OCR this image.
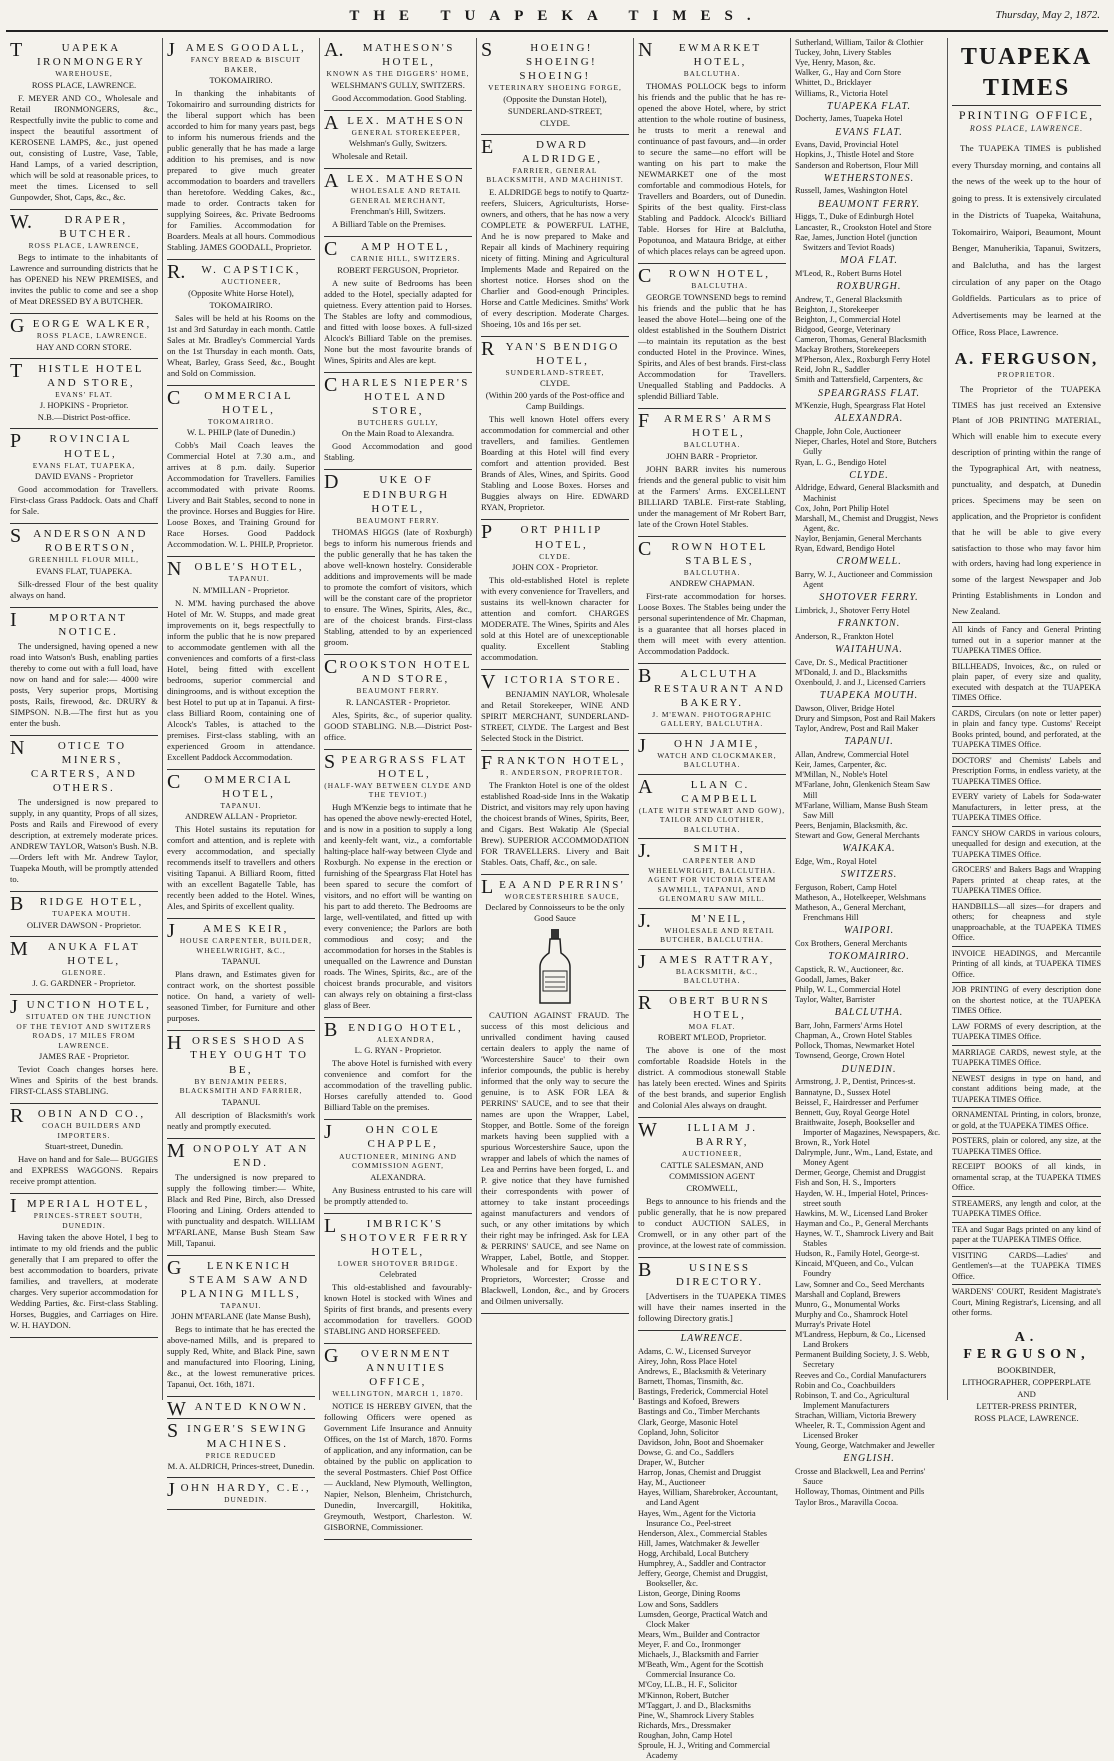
THE TUAPEKA TIMES.	Thursday, May 2, 1872.
TUAPEKA IRONMONGERY
WAREHOUSE,
ROSS PLACE, LAWRENCE.
F. MEYER AND CO., Wholesale and Retail IRONMONGERS, &c., Respectfully invite the public to come and inspect the beautiful assortment of KEROSENE LAMPS, &c., just opened out, consisting of Lustre, Vase, Table, Hand Lamps, of a varied description, which will be sold at reasonable prices, to meet the times. Licensed to sell Gunpowder, Shot, Caps, &c., &c.
W.DRAPER, BUTCHER.
ROSS PLACE, LAWRENCE,
Begs to intimate to the inhabitants of Lawrence and surrounding districts that he has OPENED his NEW PREMISES, and invites the public to come and see a shop of Meat DRESSED BY A BUTCHER.
GEORGE WALKER,
ROSS PLACE, LAWRENCE.
HAY AND CORN STORE.
THISTLE HOTEL AND STORE,
EVANS' FLAT.
J. HOPKINS - Proprietor.
N.B.—District Post-office.
PROVINCIAL HOTEL,
EVANS FLAT, TUAPEKA,
DAVID EVANS - Proprietor
Good accommodation for Travellers. First-class Grass Paddock. Oats and Chaff for Sale.
SANDERSON AND ROBERTSON,
GREENHILL FLOUR MILL,
EVANS FLAT, TUAPEKA.
Silk-dressed Flour of the best quality always on hand.
IMPORTANT NOTICE.
The undersigned, having opened a new road into Watson's Bush, enabling parties thereby to come out with a full load, have now on hand and for sale:— 4000 wire posts, Very superior props, Mortising posts, Rails, firewood, &c. DRURY & SIMPSON. N.B.—The first hut as you enter the bush.
NOTICE TO MINERS, CARTERS, AND OTHERS.
The undersigned is now prepared to supply, in any quantity, Props of all sizes, Posts and Rails and Firewood of every description, at extremely moderate prices. ANDREW TAYLOR, Watson's Bush. N.B.—Orders left with Mr. Andrew Taylor, Tuapeka Mouth, will be promptly attended to.
BRIDGE HOTEL,
TUAPEKA MOUTH.
OLIVER DAWSON - Proprietor.
MANUKA FLAT HOTEL,
GLENORE.
J. G. GARDNER - Proprietor.
JUNCTION HOTEL,
SITUATED ON THE JUNCTION OF THE TEVIOT AND SWITZERS ROADS, 17 MILES FROM LAWRENCE.
JAMES RAE - Proprietor.
Teviot Coach changes horses here. Wines and Spirits of the best brands. FIRST-CLASS STABLING.
ROBIN AND CO.,
COACH BUILDERS AND IMPORTERS.
Stuart-street, Dunedin.
Have on hand and for Sale— BUGGIES and EXPRESS WAGGONS. Repairs receive prompt attention.
IMPERIAL HOTEL,
PRINCES-STREET SOUTH, DUNEDIN.
Having taken the above Hotel, I beg to intimate to my old friends and the public generally that I am prepared to offer the best accommodation to boarders, private families, and travellers, at moderate charges. Very superior accommodation for Wedding Parties, &c. First-class Stabling. Horses, Buggies, and Carriages on Hire. W. H. HAYDON.
JAMES GOODALL,
FANCY BREAD & BISCUIT BAKER,
TOKOMAIRIRO.
In thanking the inhabitants of Tokomairiro and surrounding districts for the liberal support which has been accorded to him for many years past, begs to inform his numerous friends and the public generally that he has made a large addition to his premises, and is now prepared to give much greater accommodation to boarders and travellers than heretofore. Wedding Cakes, &c., made to order. Contracts taken for supplying Soirees, &c. Private Bedrooms for Families. Accommodation for Boarders. Meals at all hours. Commodious Stabling. JAMES GOODALL, Proprietor.
R.W. CAPSTICK,
AUCTIONEER,
(Opposite White Horse Hotel),
TOKOMAIRIRO.
Sales will be held at his Rooms on the 1st and 3rd Saturday in each month. Cattle Sales at Mr. Bradley's Commercial Yards on the 1st Thursday in each month. Oats, Wheat, Barley, Grass Seed, &c., Bought and Sold on Commission.
COMMERCIAL HOTEL,
TOKOMAIRIRO.
W. L. PHILP (late of Dunedin.)
Cobb's Mail Coach leaves the Commercial Hotel at 7.30 a.m., and arrives at 8 p.m. daily. Superior Accommodation for Travellers. Families accommodated with private Rooms. Livery and Bait Stables, second to none in the province. Horses and Buggies for Hire. Loose Boxes, and Training Ground for Race Horses. Good Paddock Accommodation. W. L. PHILP, Proprietor.
NOBLE'S HOTEL,
TAPANUI.
N. M'MILLAN - Proprietor.
N. M'M. having purchased the above Hotel of Mr. W. Stupps, and made great improvements on it, begs respectfully to inform the public that he is now prepared to accommodate gentlemen with all the conveniences and comforts of a first-class Hotel, being fitted with excellent bedrooms, superior commercial and diningrooms, and is without exception the best Hotel to put up at in Tapanui. A first-class Billiard Room, containing one of Alcock's Tables, is attached to the premises. First-class stabling, with an experienced Groom in attendance. Excellent Paddock Accommodation.
COMMERCIAL HOTEL,
TAPANUI.
ANDREW ALLAN - Proprietor.
This Hotel sustains its reputation for comfort and attention, and is replete with every accommodation, and specially recommends itself to travellers and others visiting Tapanui. A Billiard Room, fitted with an excellent Bagatelle Table, has recently been added to the Hotel. Wines, Ales, and Spirits of excellent quality.
JAMES KEIR,
HOUSE CARPENTER, BUILDER, WHEELWRIGHT, &C.,
TAPANUI.
Plans drawn, and Estimates given for contract work, on the shortest possible notice. On hand, a variety of well-seasoned Timber, for Furniture and other purposes.
HORSES SHOD AS THEY OUGHT TO BE,
BY BENJAMIN PEERS, BLACKSMITH AND FARRIER,
TAPANUI.
All description of Blacksmith's work neatly and promptly executed.
MONOPOLY AT AN END.
The undersigned is now prepared to supply the following timber:— White, Black and Red Pine, Birch, also Dressed Flooring and Lining. Orders attended to with punctuality and despatch. WILLIAM M'FARLANE, Manse Bush Steam Saw Mill, Tapanui.
GLENKENICH STEAM SAW AND PLANING MILLS,
TAPANUI.
JOHN M'FARLANE (late Manse Bush),
Begs to intimate that he has erected the above-named Mills, and is prepared to supply Red, White, and Black Pine, sawn and manufactured into Flooring, Lining, &c., at the lowest remunerative prices. Tapanui, Oct. 16th, 1871.
WANTED KNOWN.
SINGER'S SEWING MACHINES.
PRICE REDUCED
M. A. ALDRICH, Princes-street, Dunedin.
JOHN HARDY, C.E.,
DUNEDIN.
A.MATHESON'S HOTEL,
KNOWN AS THE DIGGERS' HOME,
WELSHMAN'S GULLY, SWITZERS.
Good Accommodation. Good Stabling.
ALEX. MATHESON
GENERAL STOREKEEPER,
Welshman's Gully, Switzers.
Wholesale and Retail.
ALEX. MATHESON
WHOLESALE AND RETAIL GENERAL MERCHANT,
Frenchman's Hill, Switzers.
A Billiard Table on the Premises.
CAMP HOTEL,
CARNIE HILL, SWITZERS.
ROBERT FERGUSON, Proprietor.
A new suite of Bedrooms has been added to the Hotel, specially adapted for quietness. Every attention paid to Horses. The Stables are lofty and commodious, and fitted with loose boxes. A full-sized Alcock's Billiard Table on the premises. None but the most favourite brands of Wines, Spirits and Ales are kept.
CHARLES NIEPER'S HOTEL AND STORE,
BUTCHERS GULLY,
On the Main Road to Alexandra.
Good Accommodation and good Stabling.
DUKE OF EDINBURGH HOTEL,
BEAUMONT FERRY.
THOMAS HIGGS (late of Roxburgh) begs to inform his numerous friends and the public generally that he has taken the above well-known hostelry. Considerable additions and improvements will be made to promote the comfort of visitors, which will be the constant care of the proprietor to ensure. The Wines, Spirits, Ales, &c., are of the choicest brands. First-class Stabling, attended to by an experienced groom.
CROOKSTON HOTEL AND STORE,
BEAUMONT FERRY.
R. LANCASTER - Proprietor.
Ales, Spirits, &c., of superior quality. GOOD STABLING. N.B.—District Post-office.
SPEARGRASS FLAT HOTEL,
(HALF-WAY BETWEEN CLYDE AND THE TEVIOT.)
Hugh M'Kenzie begs to intimate that he has opened the above newly-erected Hotel, and is now in a position to supply a long and keenly-felt want, viz., a comfortable halting-place half-way between Clyde and Roxburgh. No expense in the erection or furnishing of the Speargrass Flat Hotel has been spared to secure the comfort of visitors, and no effort will be wanting on his part to add thereto. The Bedrooms are large, well-ventilated, and fitted up with every convenience; the Parlors are both commodious and cosy; and the accommodation for horses in the Stables is unequalled on the Lawrence and Dunstan roads. The Wines, Spirits, &c., are of the choicest brands procurable, and visitors can always rely on obtaining a first-class glass of Beer.
BENDIGO HOTEL,
ALEXANDRA,
L. G. RYAN - Proprietor.
The above Hotel is furnished with every convenience and comfort for the accommodation of the travelling public. Horses carefully attended to. Good Billiard Table on the premises.
JOHN COLE CHAPPLE,
AUCTIONEER, MINING AND COMMISSION AGENT,
ALEXANDRA.
Any Business entrusted to his care will be promptly attended to.
LIMBRICK'S SHOTOVER FERRY HOTEL,
LOWER SHOTOVER BRIDGE.
Celebrated
This old-established and favourably-known Hotel is stocked with Wines and Spirits of first brands, and presents every accommodation for travellers. GOOD STABLING AND HORSEFEED.
GOVERNMENT ANNUITIES OFFICE,
WELLINGTON, MARCH 1, 1870.
NOTICE IS HEREBY GIVEN, that the following Officers were opened as Government Life Insurance and Annuity Offices, on the 1st of March, 1870. Forms of application, and any information, can be obtained by the public on application to the several Postmasters. Chief Post Office — Auckland, New Plymouth, Wellington, Napier, Nelson, Blenheim, Christchurch, Dunedin, Invercargill, Hokitika, Greymouth, Westport, Charleston. W. GISBORNE, Commissioner.
SHOEING! SHOEING! SHOEING!
VETERINARY SHOEING FORGE,
(Opposite the Dunstan Hotel),
SUNDERLAND-STREET,
CLYDE.
EDWARD ALDRIDGE,
FARRIER, GENERAL BLACKSMITH, AND MACHINIST.
E. ALDRIDGE begs to notify to Quartz-reefers, Sluicers, Agriculturists, Horse-owners, and others, that he has now a very COMPLETE & POWERFUL LATHE, And he is now prepared to Make and Repair all kinds of Machinery requiring nicety of fitting. Mining and Agricultural Implements Made and Repaired on the shortest notice. Horses shod on the Charlier and Good-enough Principles. Horse and Cattle Medicines. Smiths' Work of every description. Moderate Charges. Shoeing, 10s and 16s per set.
RYAN'S BENDIGO HOTEL,
SUNDERLAND-STREET,
CLYDE.
(Within 200 yards of the Post-office and Camp Buildings.
This well known Hotel offers every accommodation for commercial and other travellers, and families. Gentlemen Boarding at this Hotel will find every comfort and attention provided. Best Brands of Ales, Wines, and Spirits. Good Stabling and Loose Boxes. Horses and Buggies always on Hire. EDWARD RYAN, Proprietor.
PORT PHILIP HOTEL,
CLYDE.
JOHN COX - Proprietor.
This old-established Hotel is replete with every convenience for Travellers, and sustains its well-known character for attention and comfort. CHARGES MODERATE. The Wines, Spirits and Ales sold at this Hotel are of unexceptionable quality. Excellent Stabling accommodation.
VICTORIA STORE.
BENJAMIN NAYLOR, Wholesale and Retail Storekeeper, WINE AND SPIRIT MERCHANT, SUNDERLAND-STREET, CLYDE. The Largest and Best Selected Stock in the District.
FRANKTON HOTEL,
R. ANDERSON, PROPRIETOR.
The Frankton Hotel is one of the oldest established Road-side Inns in the Wakatip District, and visitors may rely upon having the choicest brands of Wines, Spirits, Beer, and Cigars. Best Wakatip Ale (Special Brew). SUPERIOR ACCOMMODATION FOR TRAVELLERS. Livery and Bait Stables. Oats, Chaff, &c., on sale.
LEA AND PERRINS'
WORCESTERSHIRE SAUCE,
Declared by Connoisseurs to be the only Good Sauce
CAUTION AGAINST FRAUD. The success of this most delicious and unrivalled condiment having caused certain dealers to apply the name of 'Worcestershire Sauce' to their own inferior compounds, the public is hereby informed that the only way to secure the genuine, is to ASK FOR LEA & PERRINS' SAUCE, and to see that their names are upon the Wrapper, Label, Stopper, and Bottle. Some of the foreign markets having been supplied with a spurious Worcestershire Sauce, upon the wrapper and labels of which the names of Lea and Perrins have been forged, L. and P. give notice that they have furnished their correspondents with power of attorney to take instant proceedings against manufacturers and vendors of such, or any other imitations by which their right may be infringed. Ask for LEA & PERRINS' SAUCE, and see Name on Wrapper, Label, Bottle, and Stopper. Wholesale and for Export by the Proprietors, Worcester; Crosse and Blackwell, London, &c., and by Grocers and Oilmen universally.
NEWMARKET HOTEL,
BALCLUTHA.
THOMAS POLLOCK begs to inform his friends and the public that he has re-opened the above Hotel, where, by strict attention to the whole routine of business, he trusts to merit a renewal and continuance of past favours, and—in order to secure the same—no effort will be wanting on his part to make the NEWMARKET one of the most comfortable and commodious Hotels, for Travellers and Boarders, out of Dunedin. Spirits of the best quality. First-class Stabling and Paddock. Alcock's Billiard Table. Horses for Hire at Balclutha, Popotunoa, and Mataura Bridge, at either of which places relays can be agreed upon.
CROWN HOTEL,
BALCLUTHA.
GEORGE TOWNSEND begs to remind his friends and the public that he has leased the above Hotel—being one of the oldest established in the Southern District—to maintain its reputation as the best conducted Hotel in the Province. Wines, Spirits, and Ales of best brands. First-class Accommodation for Travellers. Unequalled Stabling and Paddocks. A splendid Billiard Table.
FARMERS' ARMS HOTEL,
BALCLUTHA.
JOHN BARR - Proprietor.
JOHN BARR invites his numerous friends and the general public to visit him at the Farmers' Arms. EXCELLENT BILLIARD TABLE. First-rate Stabling, under the management of Mr Robert Barr, late of the Crown Hotel Stables.
CROWN HOTEL STABLES,
BALCLUTHA.
ANDREW CHAPMAN.
First-rate accommodation for horses. Loose Boxes. The Stables being under the personal superintendence of Mr. Chapman, is a guarantee that all horses placed in them will meet with every attention. Accommodation Paddock.
BALCLUTHA RESTAURANT AND BAKERY.
J. M'EWAN. PHOTOGRAPHIC GALLERY, BALCLUTHA.
JOHN JAMIE,
WATCH AND CLOCKMAKER, BALCLUTHA.
ALLAN C. CAMPBELL
(LATE WITH STEWART AND GOW), TAILOR AND CLOTHIER, BALCLUTHA.
J.SMITH,
CARPENTER AND WHEELWRIGHT, BALCLUTHA. AGENT FOR VICTORIA STEAM SAWMILL, TAPANUI, AND GLENOMARU SAW MILL.
J.M'NEIL,
WHOLESALE AND RETAIL BUTCHER, BALCLUTHA.
JAMES RATTRAY,
BLACKSMITH, &C., BALCLUTHA.
ROBERT BURNS HOTEL,
MOA FLAT.
ROBERT M'LEOD, Proprietor.
The above is one of the most comfortable Roadside Hotels in the district. A commodious stonewall Stable has lately been erected. Wines and Spirits of the best brands, and superior English and Colonial Ales always on draught.
WILLIAM J. BARRY,
AUCTIONEER,
CATTLE SALESMAN, AND COMMISSION AGENT
CROMWELL,
Begs to announce to his friends and the public generally, that he is now prepared to conduct AUCTION SALES, in Cromwell, or in any other part of the province, at the lowest rate of commission.
BUSINESS DIRECTORY.
[Advertisers in the TUAPEKA TIMES will have their names inserted in the following Directory gratis.]
LAWRENCE.
Adams, C. W., Licensed Surveyor
Airey, John, Ross Place Hotel
Andrews, E., Blacksmith & Veterinary
Barnett, Thomas, Tinsmith, &c.
Bastings, Frederick, Commercial Hotel
Bastings and Kofoed, Brewers
Bastings and Co., Timber Merchants
Clark, George, Masonic Hotel
Copland, John, Solicitor
Davidson, John, Boot and Shoemaker
Dowse, G. and Co., Saddlers
Draper, W., Butcher
Harrop, Jonas, Chemist and Druggist
Hay, M., Auctioneer
Hayes, William, Sharebroker, Accountant, and Land Agent
Hayes, Wm., Agent for the Victoria Insurance Co., Peel-street
Henderson, Alex., Commercial Stables
Hill, James, Watchmaker & Jeweller
Hogg, Archibald, Local Butchery
Humphrey, A., Saddler and Contractor
Jeffery, George, Chemist and Druggist, Bookseller, &c.
Liston, George, Dining Rooms
Low and Sons, Saddlers
Lumsden, George, Practical Watch and Clock Maker
Mears, Wm., Builder and Contractor
Meyer, F. and Co., Ironmonger
Michaels, J., Blacksmith and Farrier
M'Beath, Wm., Agent for the Scottish Commercial Insurance Co.
M'Coy, LL.B., H. F., Solicitor
M'Kinnon, Robert, Butcher
M'Taggart, J. and D., Blacksmiths
Pine, W., Shamrock Livery Stables
Richards, Mrs., Dressmaker
Roughan, John, Camp Hotel
Sproule, H. J., Writing and Commercial Academy
Sutherland, William, Tailor & Clothier
Tuckey, John, Livery Stables
Vye, Henry, Mason, &c.
Walker, G., Hay and Corn Store
Whittet, D., Bricklayer
Williams, R., Victoria Hotel
TUAPEKA FLAT.
Docherty, James, Tuapeka Hotel
EVANS FLAT.
Evans, David, Provincial Hotel
Hopkins, J., Thistle Hotel and Store
Sanderson and Robertson, Flour Mill
WETHERSTONES.
Russell, James, Washington Hotel
BEAUMONT FERRY.
Higgs, T., Duke of Edinburgh Hotel
Lancaster, R., Crookston Hotel and Store
Rae, James, Junction Hotel (junction Switzers and Teviot Roads)
MOA FLAT.
M'Leod, R., Robert Burns Hotel
ROXBURGH.
Andrew, T., General Blacksmith
Beighton, J., Storekeeper
Beighton, J., Commercial Hotel
Bidgood, George, Veterinary
Cameron, Thomas, General Blacksmith
Mackay Brothers, Storekeepers
M'Pherson, Alex., Roxburgh Ferry Hotel
Reid, John R., Saddler
Smith and Tattersfield, Carpenters, &c
SPEARGRASS FLAT.
M'Kenzie, Hugh, Speargrass Flat Hotel
ALEXANDRA.
Chapple, John Cole, Auctioneer
Nieper, Charles, Hotel and Store, Butchers Gully
Ryan, L. G., Bendigo Hotel
CLYDE.
Aldridge, Edward, General Blacksmith and Machinist
Cox, John, Port Philip Hotel
Marshall, M., Chemist and Druggist, News Agent, &c.
Naylor, Benjamin, General Merchants
Ryan, Edward, Bendigo Hotel
CROMWELL.
Barry, W. J., Auctioneer and Commission Agent
SHOTOVER FERRY.
Limbrick, J., Shotover Ferry Hotel
FRANKTON.
Anderson, R., Frankton Hotel
WAITAHUNA.
Cave, Dr. S., Medical Practitioner
M'Donald, J. and D., Blacksmiths
Oxenbould, J. and J., Licensed Carriers
TUAPEKA MOUTH.
Dawson, Oliver, Bridge Hotel
Drury and Simpson, Post and Rail Makers
Taylor, Andrew, Post and Rail Maker
TAPANUI.
Allan, Andrew, Commercial Hotel
Keir, James, Carpenter, &c.
M'Millan, N., Noble's Hotel
M'Farlane, John, Glenkenich Steam Saw Mill
M'Farlane, William, Manse Bush Steam Saw Mill
Peers, Benjamin, Blacksmith, &c.
Stewart and Gow, General Merchants
WAIKAKA.
Edge, Wm., Royal Hotel
SWITZERS.
Ferguson, Robert, Camp Hotel
Matheson, A., Hotelkeeper, Welshmans
Matheson, A., General Merchant, Frenchmans Hill
WAIPORI.
Cox Brothers, General Merchants
TOKOMAIRIRO.
Capstick, R. W., Auctioneer, &c.
Goodall, James, Baker
Philp, W. L., Commercial Hotel
Taylor, Walter, Barrister
BALCLUTHA.
Barr, John, Farmers' Arms Hotel
Chapman, A., Crown Hotel Stables
Pollock, Thomas, Newmarket Hotel
Townsend, George, Crown Hotel
DUNEDIN.
Armstrong, J. P., Dentist, Princes-st.
Bannatyne, D., Sussex Hotel
Beissel, F., Hairdresser and Perfumer
Bennett, Guy, Royal George Hotel
Braithwaite, Joseph, Bookseller and Importer of Magazines, Newspapers, &c.
Brown, R., York Hotel
Dalrymple, Junr., Wm., Land, Estate, and Money Agent
Dermer, George, Chemist and Druggist
Fish and Son, H. S., Importers
Hayden, W. H., Imperial Hotel, Princes-street south
Hawkins, M. W., Licensed Land Broker
Hayman and Co., P., General Merchants
Haynes, W. T., Shamrock Livery and Bait Stables
Hudson, R., Family Hotel, George-st.
Kincaid, M'Queen, and Co., Vulcan Foundry
Law, Somner and Co., Seed Merchants
Marshall and Copland, Brewers
Munro, G., Monumental Works
Murphy and Co., Shamrock Hotel
Murray's Private Hotel
M'Landress, Hepburn, & Co., Licensed Land Brokers
Permanent Building Society, J. S. Webb, Secretary
Reeves and Co., Cordial Manufacturers
Robin and Co., Coachbuilders
Robinson, T. and Co., Agricultural Implement Manufacturers
Strachan, William, Victoria Brewery
Wheeler, R. T., Commission Agent and Licensed Broker
Young, George, Watchmaker and Jeweller
ENGLISH.
Crosse and Blackwell, Lea and Perrins' Sauce
Holloway, Thomas, Ointment and Pills
Taylor Bros., Maravilla Cocoa.
TUAPEKA TIMES
PRINTING OFFICE,
ROSS PLACE, LAWRENCE.
The TUAPEKA TIMES is published every Thursday morning, and contains all the news of the week up to the hour of going to press. It is extensively circulated in the Districts of Tuapeka, Waitahuna, Tokomairiro, Waipori, Beaumont, Mount Benger, Manuherikia, Tapanui, Switzers, and Balclutha, and has the largest circulation of any paper on the Otago Goldfields. Particulars as to price of Advertisements may be learned at the Office, Ross Place, Lawrence.
A. FERGUSON,
PROPRIETOR.
The Proprietor of the TUAPEKA TIMES has just received an Extensive Plant of JOB PRINTING MATERIAL, Which will enable him to execute every description of printing within the range of the Typographical Art, with neatness, punctuality, and despatch, at Dunedin prices. Specimens may be seen on application, and the Proprietor is confident that he will be able to give every satisfaction to those who may favor him with orders, having had long experience in some of the largest Newspaper and Job Printing Establishments in London and New Zealand.
All kinds of Fancy and General Printing turned out in a superior manner at the TUAPEKA TIMES Office.
BILLHEADS, Invoices, &c., on ruled or plain paper, of every size and quality, executed with despatch at the TUAPEKA TIMES Office.
CARDS, Circulars (on note or letter paper) in plain and fancy type. Customs' Receipt Books printed, bound, and perforated, at the TUAPEKA TIMES Office.
DOCTORS' and Chemists' Labels and Prescription Forms, in endless variety, at the TUAPEKA TIMES Office.
EVERY variety of Labels for Soda-water Manufacturers, in letter press, at the TUAPEKA TIMES Office.
FANCY SHOW CARDS in various colours, unequalled for design and execution, at the TUAPEKA TIMES Office.
GROCERS' and Bakers Bags and Wrapping Papers printed at cheap rates, at the TUAPEKA TIMES Office.
HANDBILLS—all sizes—for drapers and others; for cheapness and style unapproachable, at the TUAPEKA TIMES Office.
INVOICE HEADINGS, and Mercantile Printing of all kinds, at TUAPEKA TIMES Office.
JOB PRINTING of every description done on the shortest notice, at the TUAPEKA TIMES Office.
LAW FORMS of every description, at the TUAPEKA TIMES Office.
MARRIAGE CARDS, newest style, at the TUAPEKA TIMES Office.
NEWEST designs in type on hand, and constant additions being made, at the TUAPEKA TIMES Office.
ORNAMENTAL Printing, in colors, bronze, or gold, at the TUAPEKA TIMES Office.
POSTERS, plain or colored, any size, at the TUAPEKA TIMES Office.
RECEIPT BOOKS of all kinds, in ornamental scrap, at the TUAPEKA TIMES Office.
STREAMERS, any length and color, at the TUAPEKA TIMES Office.
TEA and Sugar Bags printed on any kind of paper at the TUAPEKA TIMES Office.
VISITING CARDS—Ladies' and Gentlemen's—at the TUAPEKA TIMES Office.
WARDENS' COURT, Resident Magistrate's Court, Mining Registrar's, Licensing, and all other forms.
A. FERGUSON,
BOOKBINDER,
LITHOGRAPHER, COPPERPLATE
AND
LETTER-PRESS PRINTER,
ROSS PLACE, LAWRENCE.
